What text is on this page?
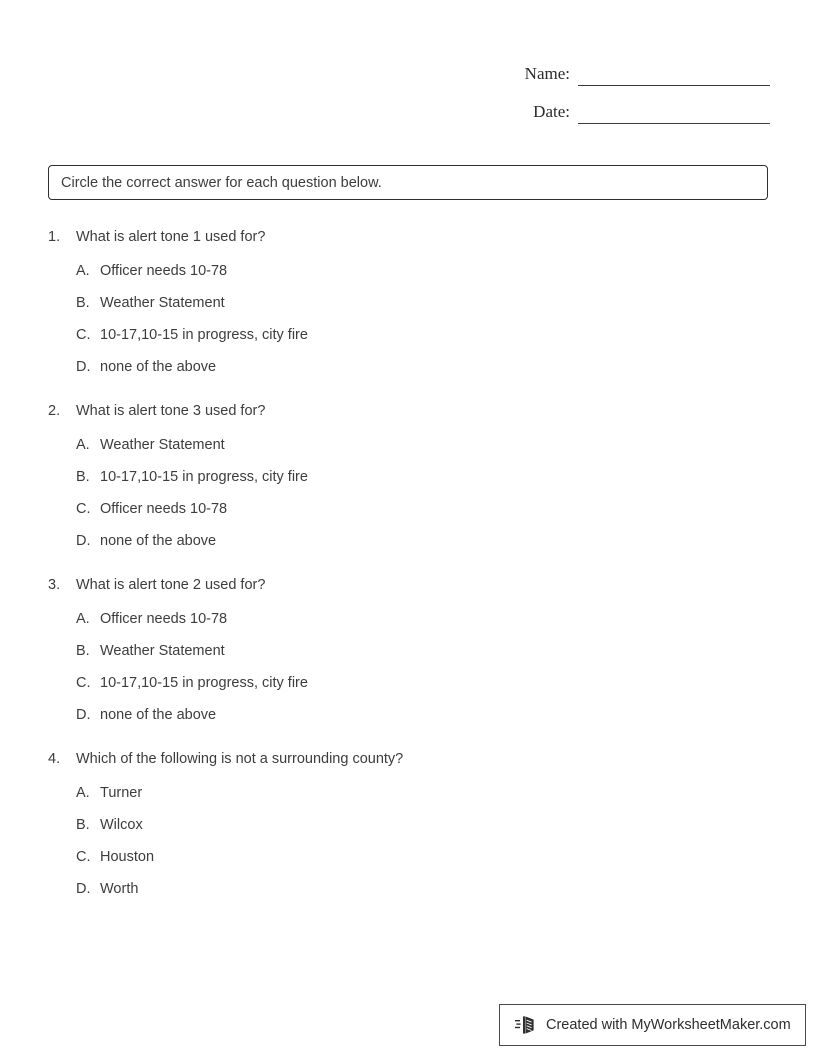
Name:
Date:
Circle the correct answer for each question below.
1.	What is alert tone 1 used for?
A. Officer needs 10-78
B. Weather Statement
C. 10-17,10-15 in progress, city fire
D. none of the above
2.	What is alert tone 3 used for?
A. Weather Statement
B. 10-17,10-15 in progress, city fire
C. Officer needs 10-78
D. none of the above
3.	What is alert tone 2 used for?
A. Officer needs 10-78
B. Weather Statement
C. 10-17,10-15 in progress, city fire
D. none of the above
4.	Which of the following is not a surrounding county?
A. Turner
B. Wilcox
C. Houston
D. Worth
Created with MyWorksheetMaker.com
